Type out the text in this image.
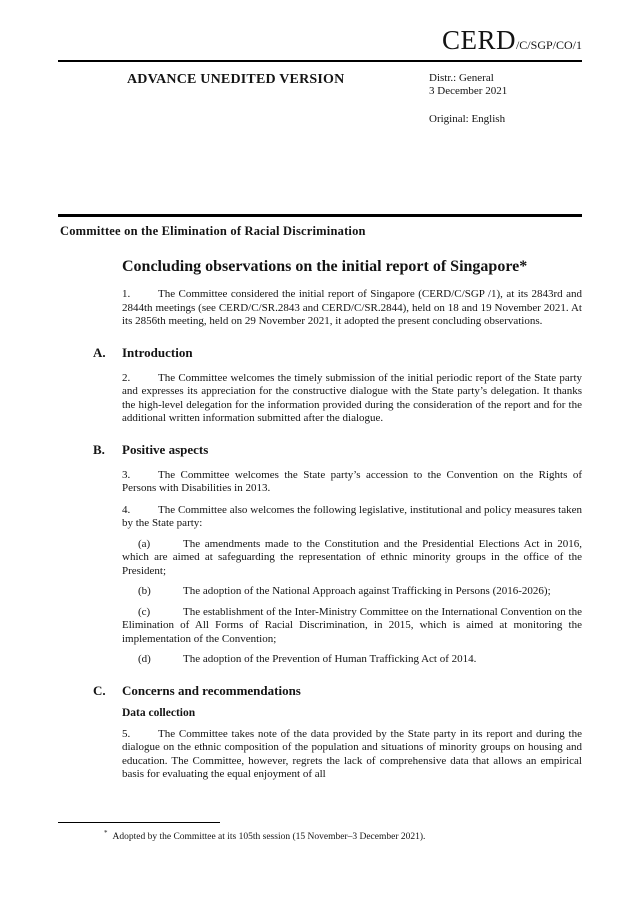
CERD/C/SGP/CO/1
ADVANCE UNEDITED VERSION	Distr.: General
3 December 2021
Original: English
Committee on the Elimination of Racial Discrimination
Concluding observations on the initial report of Singapore*

1.	The Committee considered the initial report of Singapore (CERD/C/SGP /1), at its 2843rd and 2844th meetings (see CERD/C/SR.2843 and CERD/C/SR.2844), held on 18 and 19 November 2021. At its 2856th meeting, held on 29 November 2021, it adopted the present concluding observations.

A. Introduction

2.	The Committee welcomes the timely submission of the initial periodic report of the State party and expresses its appreciation for the constructive dialogue with the State party’s delegation. It thanks the high-level delegation for the information provided during the consideration of the report and for the additional written information submitted after the dialogue.

B. Positive aspects

3.	The Committee welcomes the State party’s accession to the Convention on the Rights of Persons with Disabilities in 2013.

4.	The Committee also welcomes the following legislative, institutional and policy measures taken by the State party:

(a)	The amendments made to the Constitution and the Presidential Elections Act in 2016, which are aimed at safeguarding the representation of ethnic minority groups in the office of the President;

(b)	The adoption of the National Approach against Trafficking in Persons (2016-2026);

(c)	The establishment of the Inter-Ministry Committee on the International Convention on the Elimination of All Forms of Racial Discrimination, in 2015, which is aimed at monitoring the implementation of the Convention;

(d)	The adoption of the Prevention of Human Trafficking Act of 2014.

C. Concerns and recommendations
Data collection

5.	The Committee takes note of the data provided by the State party in its report and during the dialogue on the ethnic composition of the population and situations of minority groups on housing and education. The Committee, however, regrets the lack of comprehensive data that allows an empirical basis for evaluating the equal enjoyment of all

* Adopted by the Committee at its 105th session (15 November–3 December 2021).
